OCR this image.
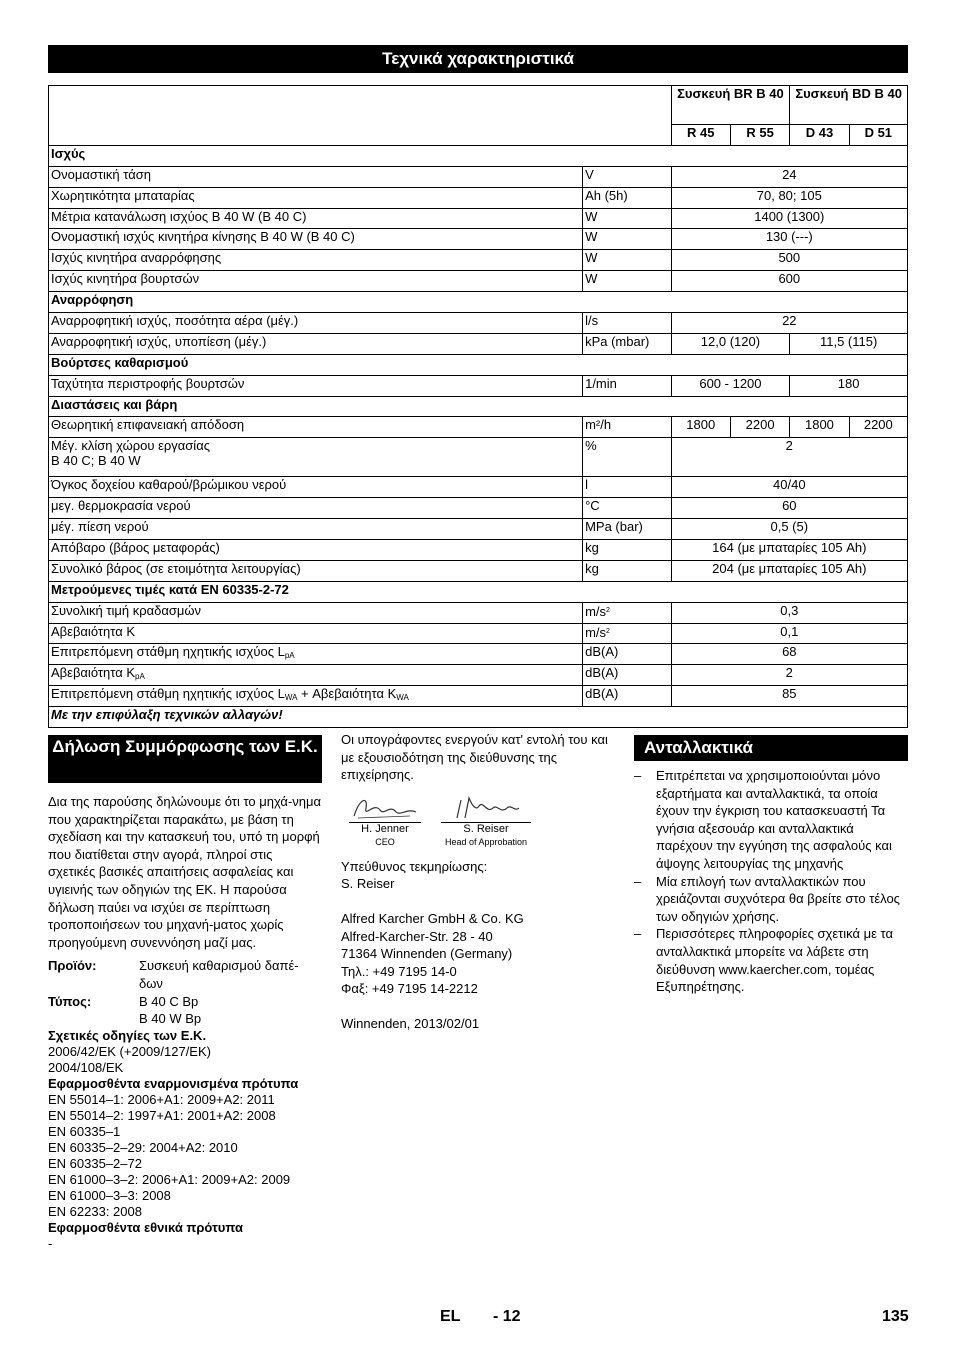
Τεχνικά χαρακτηριστικά
		Συσκευή BR B 40		Συσκευή BD B 40	
		R 45	R 55	D 43	D 51
Ισχύς					
Ονομαστική τάση	V	24			
Χωρητικότητα μπαταρίας	Ah (5h)	70, 80; 105			
Μέτρια κατανάλωση ισχύος B 40 W (B 40 C)	W	1400 (1300)			
Ονομαστική ισχύς κινητήρα κίνησης B 40 W (B 40 C)	W	130 (---)			
Ισχύς κινητήρα αναρρόφησης	W	500			
Ισχύς κινητήρα βουρτσών	W	600			
Αναρρόφηση					
Αναρροφητική ισχύς, ποσότητα αέρα (μέγ.)	l/s	22			
Αναρροφητική ισχύς, υποπίεση (μέγ.)	kPa (mbar)	12,0 (120)		11,5 (115)	
Βούρτσες καθαρισμού					
Ταχύτητα περιστροφής βουρτσών	1/min	600 - 1200		180	
Διαστάσεις και βάρη					
Θεωρητική επιφανειακή απόδοση	m²/h	1800	2200	1800	2200
Μέγ. κλίση χώρου εργασίας
B 40 C; B 40 W	%	2			
Όγκος δοχείου καθαρού/βρώμικου νερού	l	40/40			
μεγ. θερμοκρασία νερού	°C	60			
μέγ. πίεση νερού	MPa (bar)	0,5 (5)			
Απόβαρο (βάρος μεταφοράς)	kg	164 (με μπαταρίες 105 Ah)			
Συνολικό βάρος (σε ετοιμότητα λειτουργίας)	kg	204 (με μπαταρίες 105 Ah)			
Μετρούμενες τιμές κατά EN 60335-2-72					
Συνολική τιμή κραδασμών	$m/s^2$	0,3			
Αβεβαιότητα K	$m/s^2$	0,1			
Επιτρεπόμενη στάθμη ηχητικής ισχύος $L_{pA}$	dB(A)	68			
Αβεβαιότητα $K_{pA}$	dB(A)	2			
Επιτρεπόμενη στάθμη ηχητικής ισχύος $L_{WA} + A\beta\varepsilon\beta\alpha\iota ό\tau\eta\tau\alpha$ $K_{WA}$	dB(A)	85			
Με την επιφύλαξη τεχνικών αλλαγών!					
Δήλωση Συμμόρφωσης των Ε.Κ.
Δια της παρούσης δηλώνουμε ότι το μηχά-νημα που χαρακτηρίζεται παρακάτω, με βάση τη σχεδίαση και την κατασκευή του, υπό τη μορφή που διατίθεται στην αγορά, πληροί στις σχετικές βασικές απαιτήσεις ασφαλείας και υγιεινής των οδηγιών της ΕΚ. Η παρούσα δήλωση παύει να ισχύει σε περίπτωση τροποποιήσεων του μηχανή-ματος χωρίς προηγούμενη συνεννόηση μαζί μας.
Προϊόν:	Συσκευή καθαρισμού δαπέ-δων
Τύπος:	B 40 C Bp
B 40 W Bp
Σχετικές οδηγίες των Ε.Κ.
2006/42/ΕΚ (+2009/127/ΕΚ)
2004/108/ΕΚ
Εφαρμοσθέντα εναρμονισμένα πρότυπα
EN 55014–1: 2006+A1: 2009+A2: 2011
EN 55014–2: 1997+A1: 2001+A2: 2008
EN 60335–1
EN 60335–2–29: 2004+A2: 2010
EN 60335–2–72
EN 61000–3–2: 2006+A1: 2009+A2: 2009
EN 61000–3–3: 2008
EN 62233: 2008
Εφαρμοσθέντα εθνικά πρότυπα
-
Οι υπογράφοντες ενεργούν κατ' εντολή του και με εξουσιοδότηση της διεύθυνσης της επιχείρησης.
H. Jenner
CEO
S. Reiser
Head of Approbation
Υπεύθυνος τεκμηρίωσης:
S. Reiser
Alfred Karcher GmbH & Co. KG
Alfred-Karcher-Str. 28 - 40
71364 Winnenden (Germany)
Τηλ.: +49 7195 14-0
Φαξ: +49 7195 14-2212
Winnenden, 2013/02/01
Ανταλλακτικά
– Επιτρέπεται να χρησιμοποιούνται μόνο εξαρτήματα και ανταλλακτικά, τα οποία έχουν την έγκριση του κατασκευαστή Τα γνήσια αξεσουάρ και ανταλλακτικά παρέχουν την εγγύηση της ασφαλούς και άψογης λειτουργίας της μηχανής
– Μία επιλογή των ανταλλακτικών που χρειάζονται συχνότερα θα βρείτε στο τέλος των οδηγιών χρήσης.
– Περισσότερες πληροφορίες σχετικά με τα ανταλλακτικά μπορείτε να λάβετε στη διεύθυνση www.kaercher.com, τομέας Εξυπηρέτησης.
EL - 12	135
